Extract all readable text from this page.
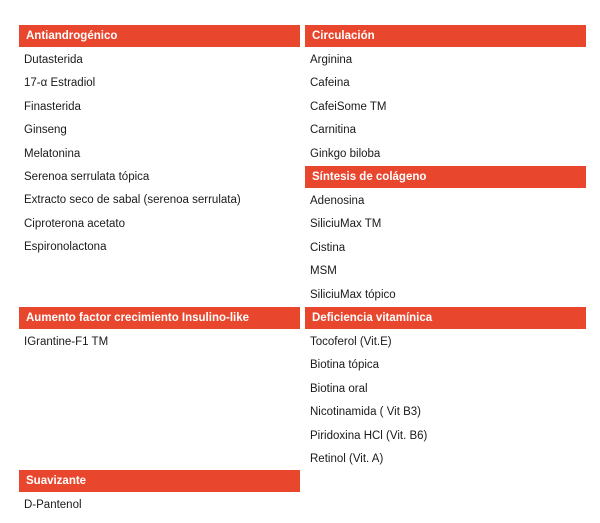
Antiandrogénico
Dutasterida
17-α Estradiol
Finasterida
Ginseng
Melatonina
Serenoa serrulata tópica
Extracto seco de sabal (serenoa serrulata)
Ciproterona acetato
Espironolactona
Circulación
Arginina
Cafeina
CafeiSome TM
Carnitina
Ginkgo biloba
Síntesis de colágeno
Adenosina
SiliciuMax TM
Cistina
MSM
SiliciuMax tópico
Aumento factor crecimiento Insulino-like
IGrantine-F1 TM
Deficiencia vitamínica
Tocoferol (Vit.E)
Biotina tópica
Biotina oral
Nicotinamida ( Vit B3)
Piridoxina HCl (Vit. B6)
Retinol (Vit. A)
Suavizante
D-Pantenol
